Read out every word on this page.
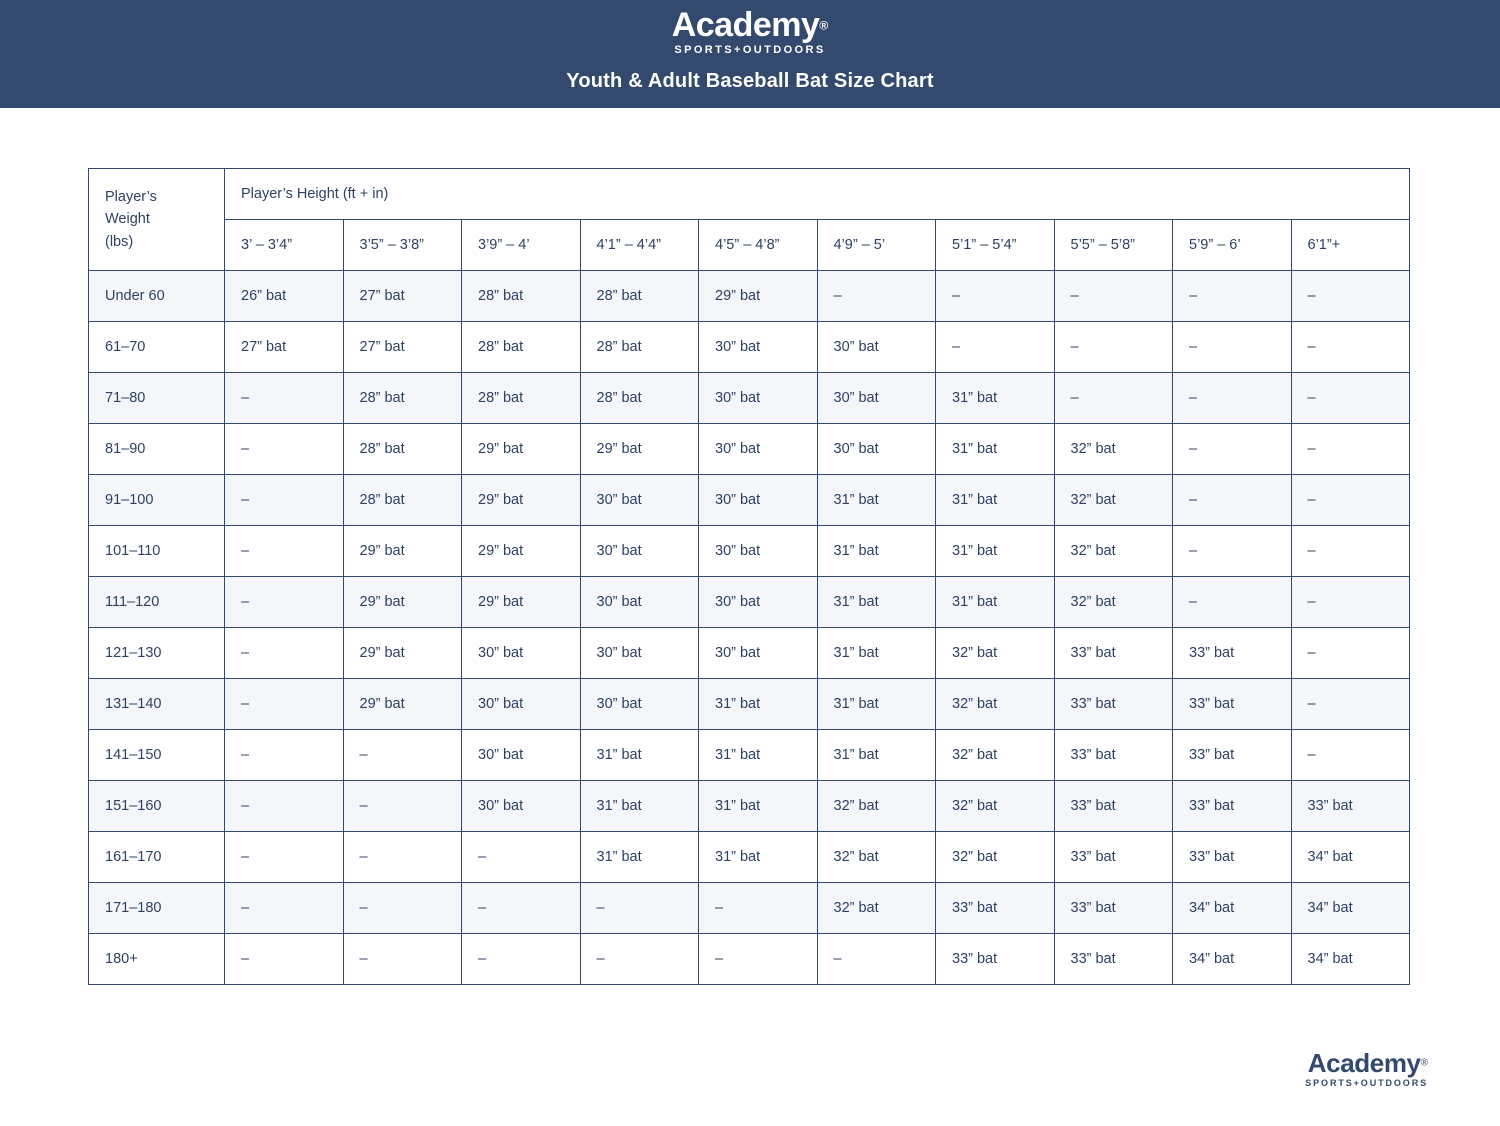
Academy®
SPORTS+OUTDOORS
Youth & Adult Baseball Bat Size Chart
Player’s
Weight
(lbs)	Player’s Height (ft + in)									
	3’ – 3’4”	3’5” – 3’8”	3’9” – 4’	4’1” – 4’4”	4’5” – 4’8”	4’9” – 5’	5’1” – 5’4”	5’5” – 5’8”	5’9” – 6’	6’1”+
Under 60	26” bat	27” bat	28” bat	28” bat	29” bat	–	–	–	–	–
61–70	27” bat	27” bat	28” bat	28” bat	30” bat	30” bat	–	–	–	–
71–80	–	28” bat	28” bat	28” bat	30” bat	30” bat	31” bat	–	–	–
81–90	–	28” bat	29” bat	29” bat	30” bat	30” bat	31” bat	32” bat	–	–
91–100	–	28” bat	29” bat	30” bat	30” bat	31” bat	31” bat	32” bat	–	–
101–110	–	29” bat	29” bat	30” bat	30” bat	31” bat	31” bat	32” bat	–	–
111–120	–	29” bat	29” bat	30” bat	30” bat	31” bat	31” bat	32” bat	–	–
121–130	–	29” bat	30” bat	30” bat	30” bat	31” bat	32” bat	33” bat	33” bat	–
131–140	–	29” bat	30” bat	30” bat	31” bat	31” bat	32” bat	33” bat	33” bat	–
141–150	–	–	30” bat	31” bat	31” bat	31” bat	32” bat	33” bat	33” bat	–
151–160	–	–	30” bat	31” bat	31” bat	32” bat	32” bat	33” bat	33” bat	33” bat
161–170	–	–	–	31” bat	31” bat	32” bat	32” bat	33” bat	33” bat	34” bat
171–180	–	–	–	–	–	32” bat	33” bat	33” bat	34” bat	34” bat
180+	–	–	–	–	–	–	33” bat	33” bat	34” bat	34” bat
Academy®
SPORTS+OUTDOORS
